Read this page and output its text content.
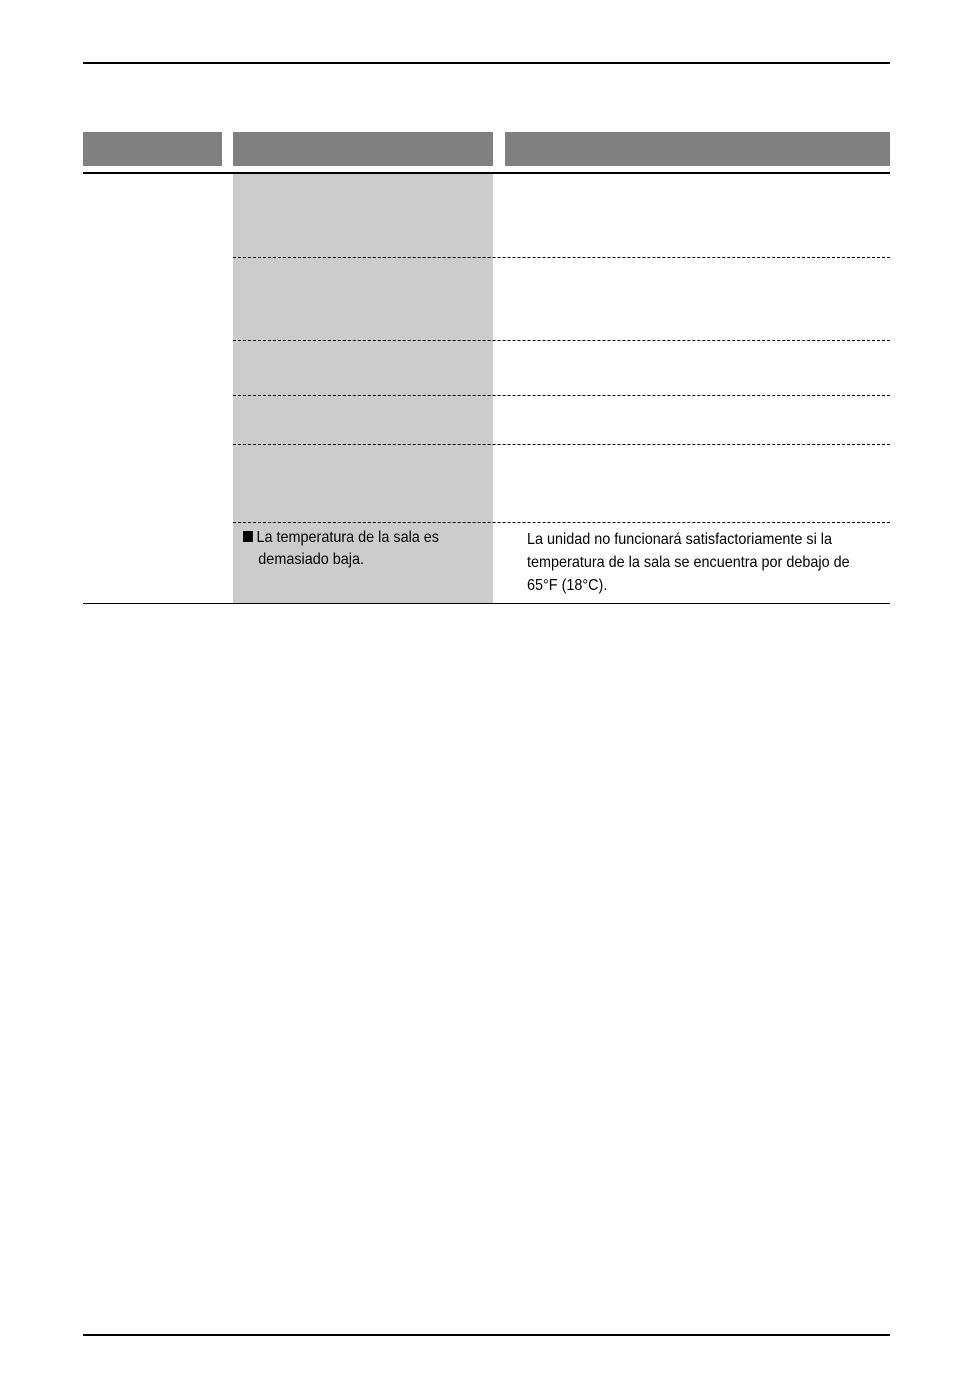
La temperatura de la sala es
demasiado baja.
La unidad no funcionará satisfactoriamente si la
temperatura de la sala se encuentra por debajo de
65°F (18°C).
